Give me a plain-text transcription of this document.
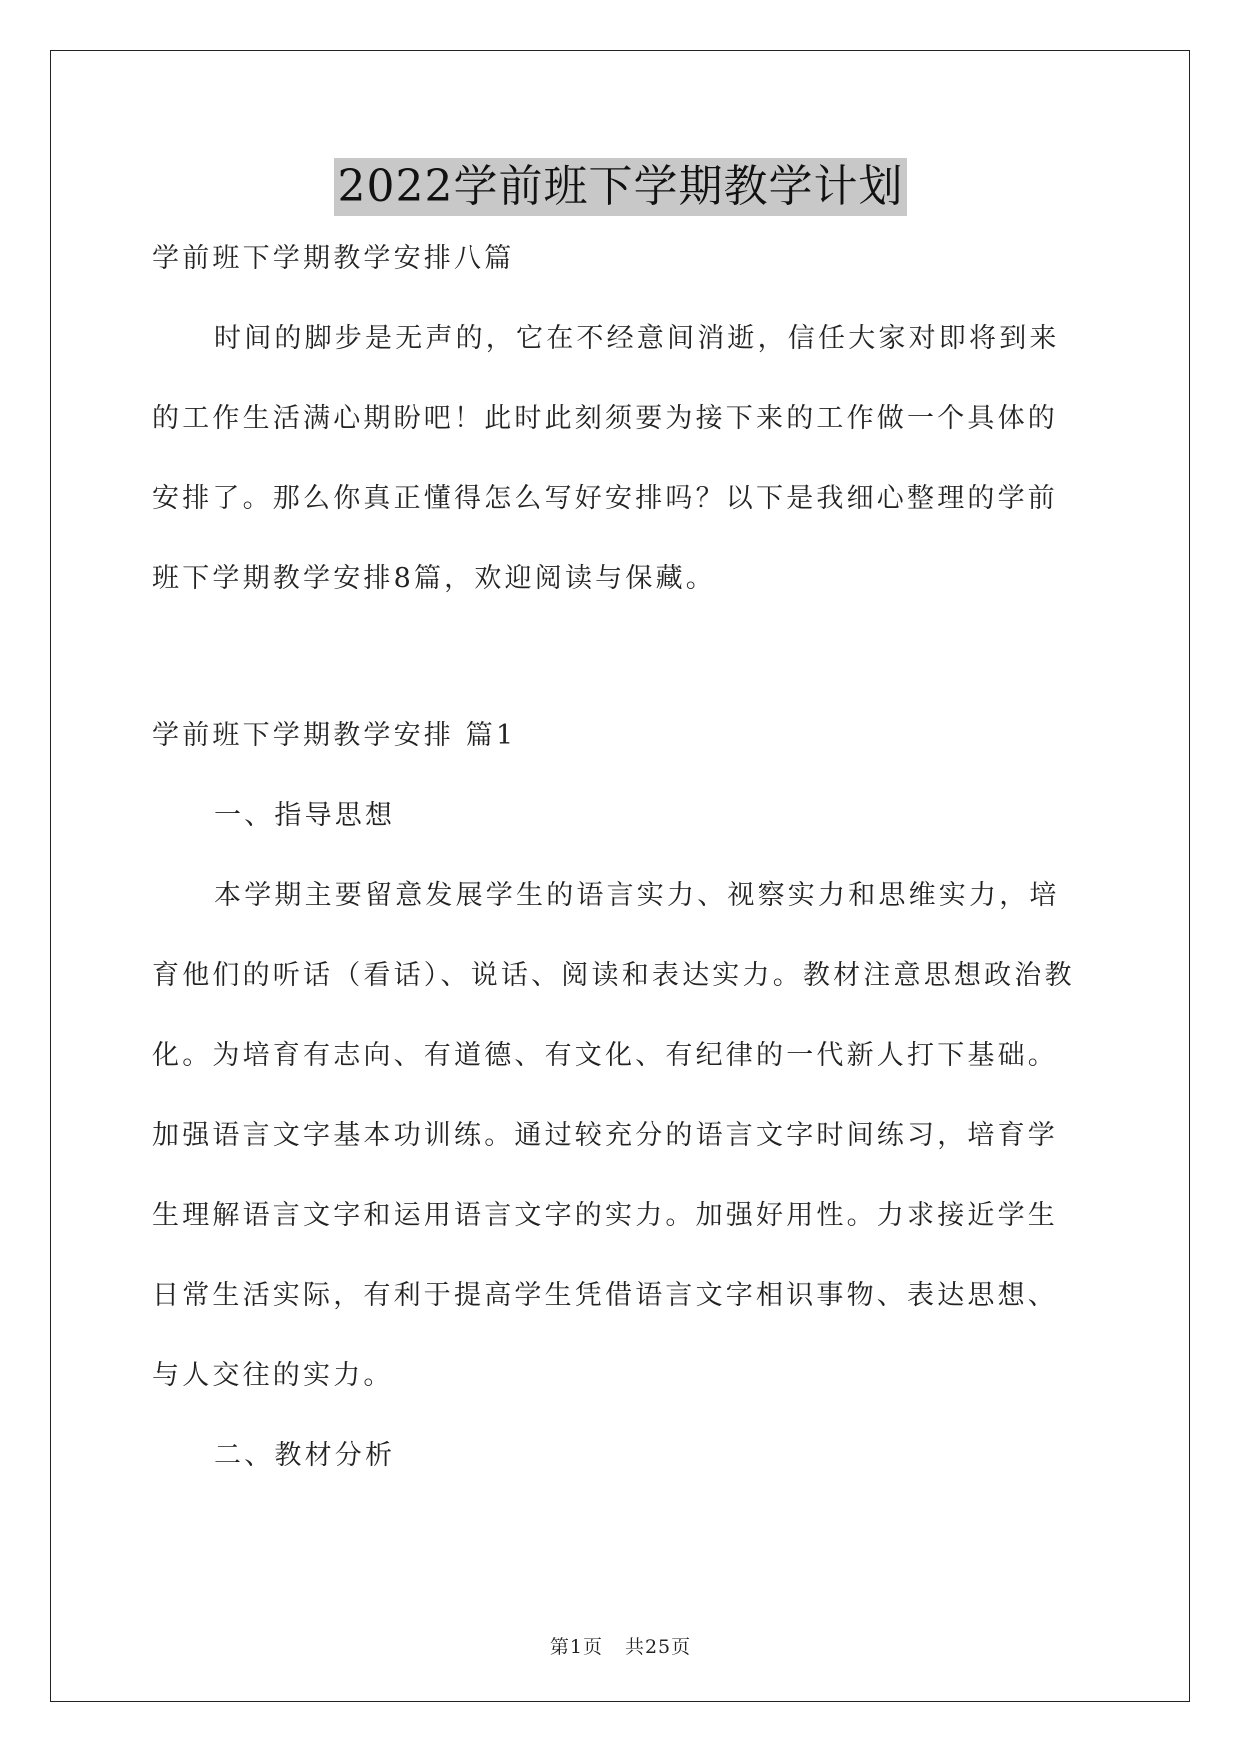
2022学前班下学期教学计划
学前班下学期教学安排八篇
时间的脚步是无声的，它在不经意间消逝，信任大家对即将到来
的工作生活满心期盼吧！此时此刻须要为接下来的工作做一个具体的
安排了。那么你真正懂得怎么写好安排吗？以下是我细心整理的学前
班下学期教学安排8篇，欢迎阅读与保藏。
学前班下学期教学安排 篇1
一、指导思想
本学期主要留意发展学生的语言实力、视察实力和思维实力，培
育他们的听话（看话）、说话、阅读和表达实力。教材注意思想政治教
化。为培育有志向、有道德、有文化、有纪律的一代新人打下基础。
加强语言文字基本功训练。通过较充分的语言文字时间练习，培育学
生理解语言文字和运用语言文字的实力。加强好用性。力求接近学生
日常生活实际，有利于提高学生凭借语言文字相识事物、表达思想、
与人交往的实力。
二、教材分析
第1页 共25页
